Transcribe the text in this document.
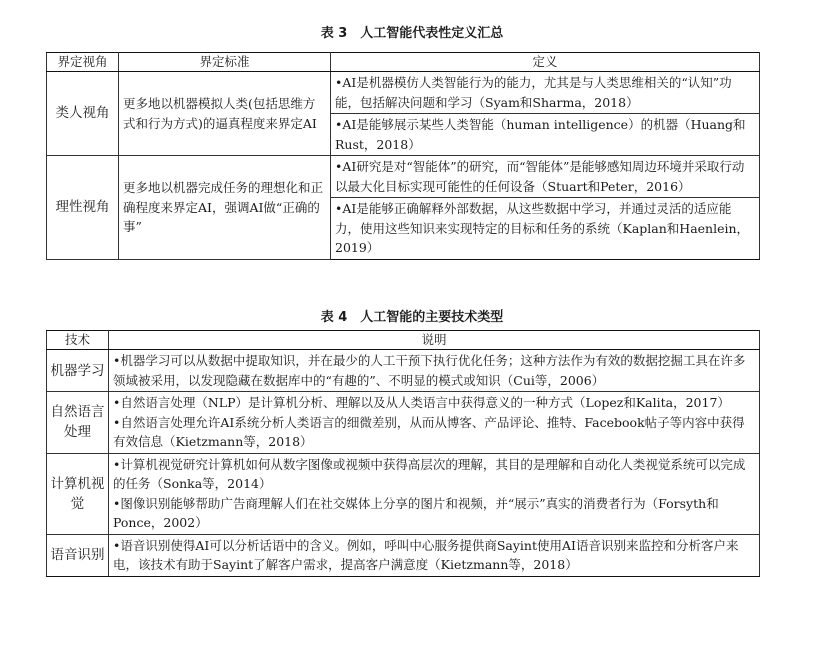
表 3　人工智能代表性定义汇总
界定视角	界定标准	定义
类人视角	更多地以机器模拟人类(包括思维方式和行为方式)的逼真程度来界定AI	•AI是机器模仿人类智能行为的能力，尤其是与人类思维相关的“认知”功能，包括解决问题和学习（Syam和Sharma，2018）
		•AI是能够展示某些人类智能（human intelligence）的机器（Huang和Rust，2018）
理性视角	更多地以机器完成任务的理想化和正确程度来界定AI，强调AI做“正确的事”	•AI研究是对“智能体”的研究，而“智能体”是能够感知周边环境并采取行动以最大化目标实现可能性的任何设备（Stuart和Peter，2016）
		•AI是能够正确解释外部数据，从这些数据中学习，并通过灵活的适应能力，使用这些知识来实现特定的目标和任务的系统（Kaplan和Haenlein，2019）
表 4　人工智能的主要技术类型
技术	说明
机器学习	•机器学习可以从数据中提取知识，并在最少的人工干预下执行优化任务；这种方法作为有效的数据挖掘工具在许多领域被采用，以发现隐藏在数据库中的“有趣的”、不明显的模式或知识（Cui等，2006）

自然语言处理	•自然语言处理（NLP）是计算机分析、理解以及从人类语言中获得意义的一种方式（Lopez和Kalita，2017）
•自然语言处理允许AI系统分析人类语言的细微差别，从而从博客、产品评论、推特、Facebook帖子等内容中获得有效信息（Kietzmann等，2018）

计算机视觉	•计算机视觉研究计算机如何从数字图像或视频中获得高层次的理解，其目的是理解和自动化人类视觉系统可以完成的任务（Sonka等，2014）
•图像识别能够帮助广告商理解人们在社交媒体上分享的图片和视频，并“展示”真实的消费者行为（Forsyth和Ponce，2002）

语音识别	•语音识别使得AI可以分析话语中的含义。例如，呼叫中心服务提供商Sayint使用AI语音识别来监控和分析客户来电，该技术有助于Sayint了解客户需求，提高客户满意度（Kietzmann等，2018）
